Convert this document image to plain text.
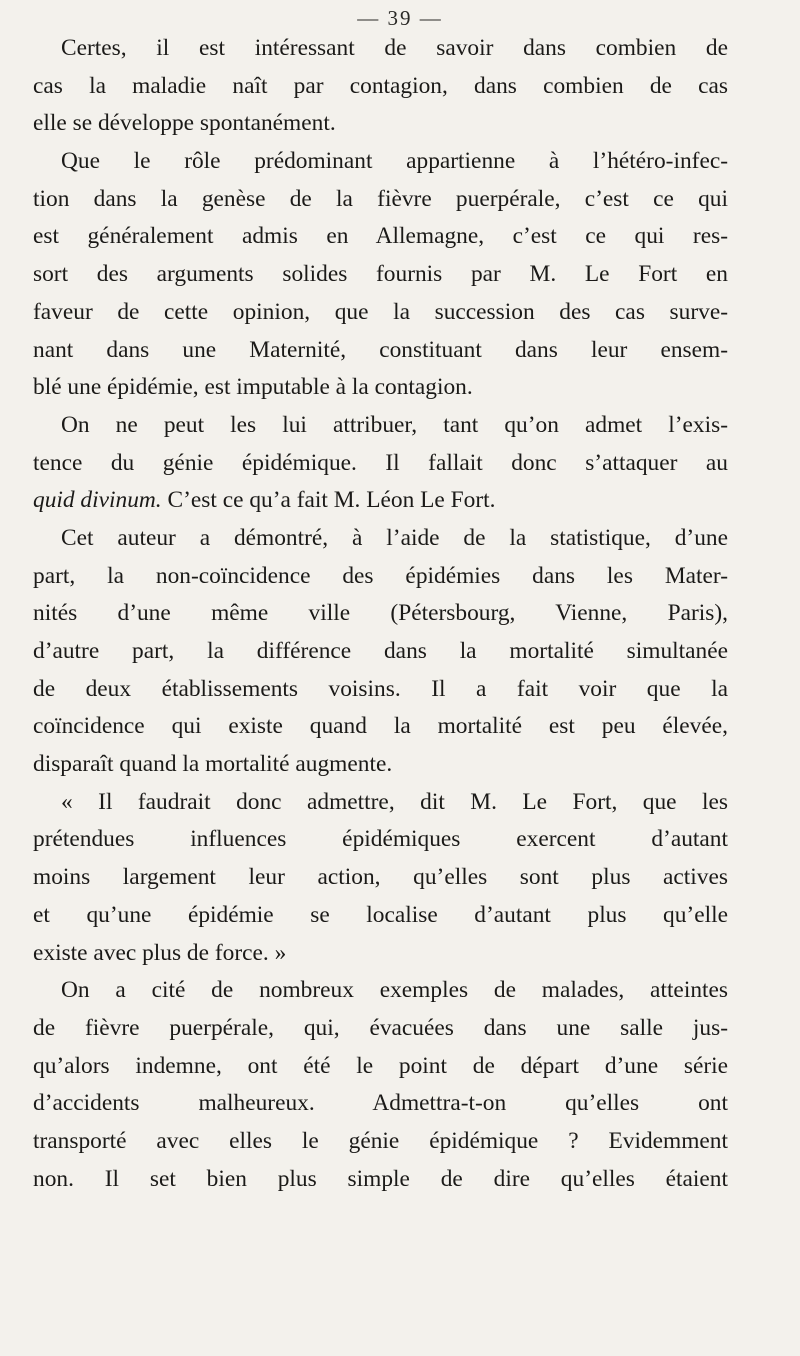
— 39 —
Certes, il est intéressant de savoir dans combien de
cas la maladie naît par contagion, dans combien de cas
elle se développe spontanément.
Que le rôle prédominant appartienne à l’hétéro-infec-
tion dans la genèse de la fièvre puerpérale, c’est ce qui
est généralement admis en Allemagne, c’est ce qui res-
sort des arguments solides fournis par M. Le Fort en
faveur de cette opinion, que la succession des cas surve-
nant dans une Maternité, constituant dans leur ensem-
blé une épidémie, est imputable à la contagion.
On ne peut les lui attribuer, tant qu’on admet l’exis-
tence du génie épidémique. Il fallait donc s’attaquer au
quid divinum. C’est ce qu’a fait M. Léon Le Fort.
Cet auteur a démontré, à l’aide de la statistique, d’une
part, la non-coïncidence des épidémies dans les Mater-
nités d’une même ville (Pétersbourg, Vienne, Paris),
d’autre part, la différence dans la mortalité simultanée
de deux établissements voisins. Il a fait voir que la
coïncidence qui existe quand la mortalité est peu élevée,
disparaît quand la mortalité augmente.
« Il faudrait donc admettre, dit M. Le Fort, que les
prétendues influences épidémiques exercent d’autant
moins largement leur action, qu’elles sont plus actives
et qu’une épidémie se localise d’autant plus qu’elle
existe avec plus de force. »
On a cité de nombreux exemples de malades, atteintes
de fièvre puerpérale, qui, évacuées dans une salle jus-
qu’alors indemne, ont été le point de départ d’une série
d’accidents malheureux. Admettra-t-on qu’elles ont
transporté avec elles le génie épidémique ? Evidemment
non. Il set bien plus simple de dire qu’elles étaient
